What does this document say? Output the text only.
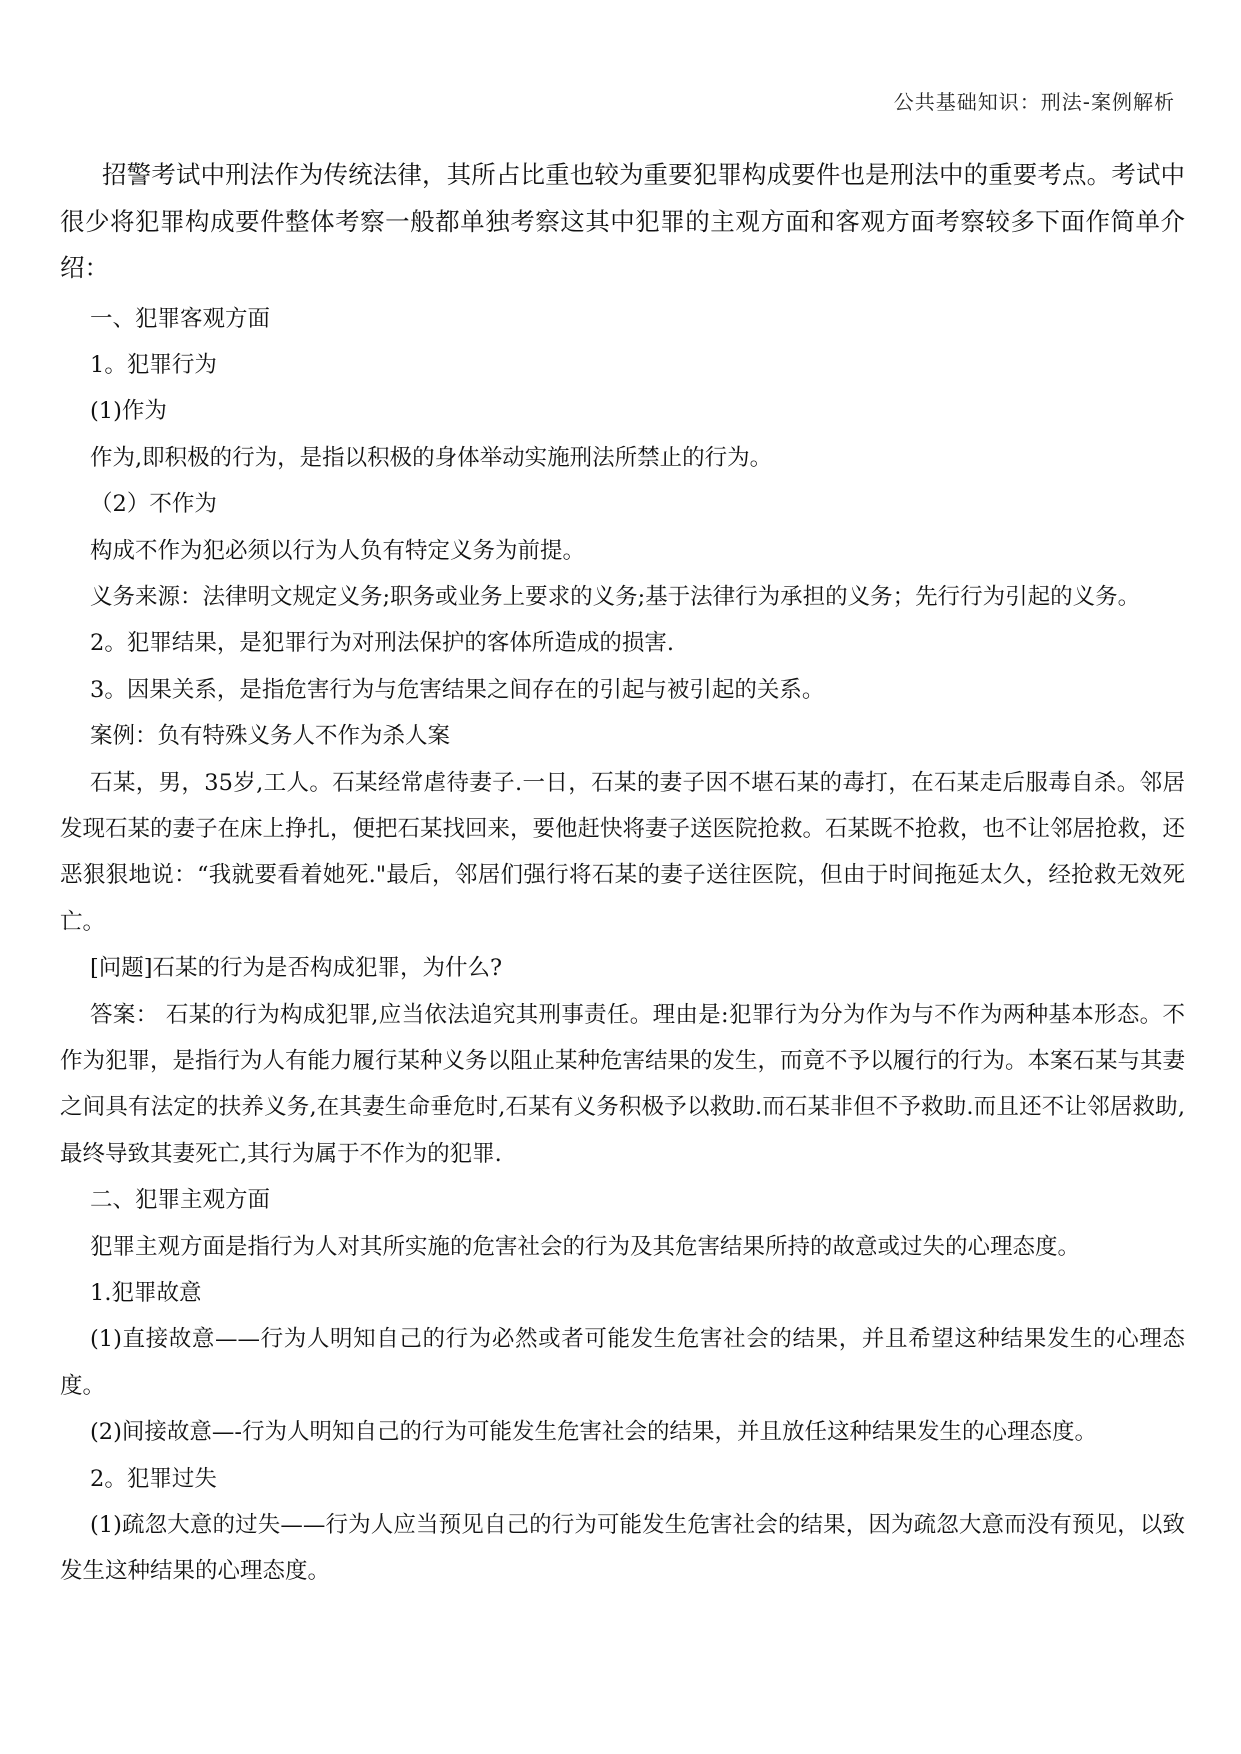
公共基础知识：刑法-案例解析

招警考试中刑法作为传统法律，其所占比重也较为重要犯罪构成要件也是刑法中的重要考点。考试中很少将犯罪构成要件整体考察一般都单独考察这其中犯罪的主观方面和客观方面考察较多下面作简单介绍：

一、犯罪客观方面

1。犯罪行为

(1)作为

作为,即积极的行为，是指以积极的身体举动实施刑法所禁止的行为。

（2）不作为

构成不作为犯必须以行为人负有特定义务为前提。

义务来源：法律明文规定义务;职务或业务上要求的义务;基于法律行为承担的义务；先行行为引起的义务。

2。犯罪结果，是犯罪行为对刑法保护的客体所造成的损害.

3。因果关系，是指危害行为与危害结果之间存在的引起与被引起的关系。

案例：负有特殊义务人不作为杀人案

石某，男，35岁,工人。石某经常虐待妻子.一日，石某的妻子因不堪石某的毒打，在石某走后服毒自杀。邻居发现石某的妻子在床上挣扎，便把石某找回来，要他赶快将妻子送医院抢救。石某既不抢救，也不让邻居抢救，还恶狠狠地说：“我就要看着她死."最后，邻居们强行将石某的妻子送往医院，但由于时间拖延太久，经抢救无效死亡。

[问题]石某的行为是否构成犯罪，为什么?

答案： 石某的行为构成犯罪,应当依法追究其刑事责任。理由是:犯罪行为分为作为与不作为两种基本形态。不作为犯罪，是指行为人有能力履行某种义务以阻止某种危害结果的发生，而竟不予以履行的行为。本案石某与其妻之间具有法定的扶养义务,在其妻生命垂危时,石某有义务积极予以救助.而石某非但不予救助.而且还不让邻居救助,最终导致其妻死亡,其行为属于不作为的犯罪.

二、犯罪主观方面

犯罪主观方面是指行为人对其所实施的危害社会的行为及其危害结果所持的故意或过失的心理态度。

1.犯罪故意

(1)直接故意——行为人明知自己的行为必然或者可能发生危害社会的结果，并且希望这种结果发生的心理态度。

(2)间接故意—-行为人明知自己的行为可能发生危害社会的结果，并且放任这种结果发生的心理态度。

2。犯罪过失

(1)疏忽大意的过失——行为人应当预见自己的行为可能发生危害社会的结果，因为疏忽大意而没有预见，以致发生这种结果的心理态度。
